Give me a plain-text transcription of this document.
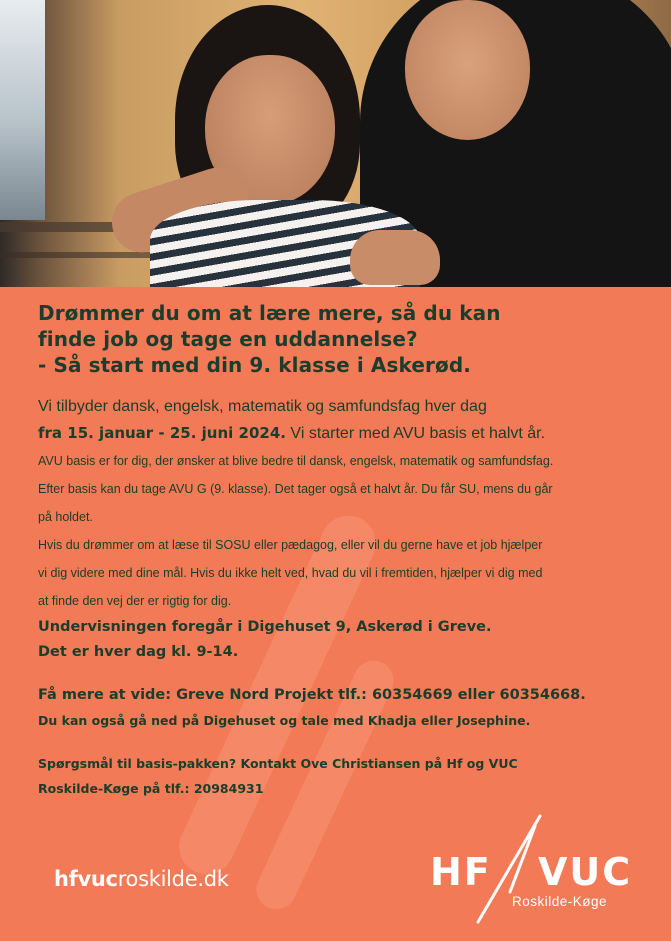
Drømmer du om at lære mere, så du kan
finde job og tage en uddannelse?
- Så start med din 9. klasse i Askerød.
Vi tilbyder dansk, engelsk, matematik og samfundsfag hver dag
fra 15. januar - 25. juni 2024. Vi starter med AVU basis et halvt år.

AVU basis er for dig, der ønsker at blive bedre til dansk, engelsk, matematik og samfundsfag.
Efter basis kan du tage AVU G (9. klasse). Det tager også et halvt år. Du får SU, mens du går
på holdet.

Hvis du drømmer om at læse til SOSU eller pædagog, eller vil du gerne have et job hjælper
vi dig videre med dine mål. Hvis du ikke helt ved, hvad du vil i fremtiden, hjælper vi dig med
at finde den vej der er rigtig for dig.

Undervisningen foregår i Digehuset 9, Askerød i Greve.

Det er hver dag kl. 9-14.

Få mere at vide: Greve Nord Projekt tlf.: 60354669 eller 60354668.

Du kan også gå ned på Digehuset og tale med Khadja eller Josephine.

Spørgsmål til basis-pakken? Kontakt Ove Christiansen på Hf og VUC

Roskilde-Køge på tlf.: 20984931

hfvucroskilde.dk	HF VUC
Roskilde-Køge
